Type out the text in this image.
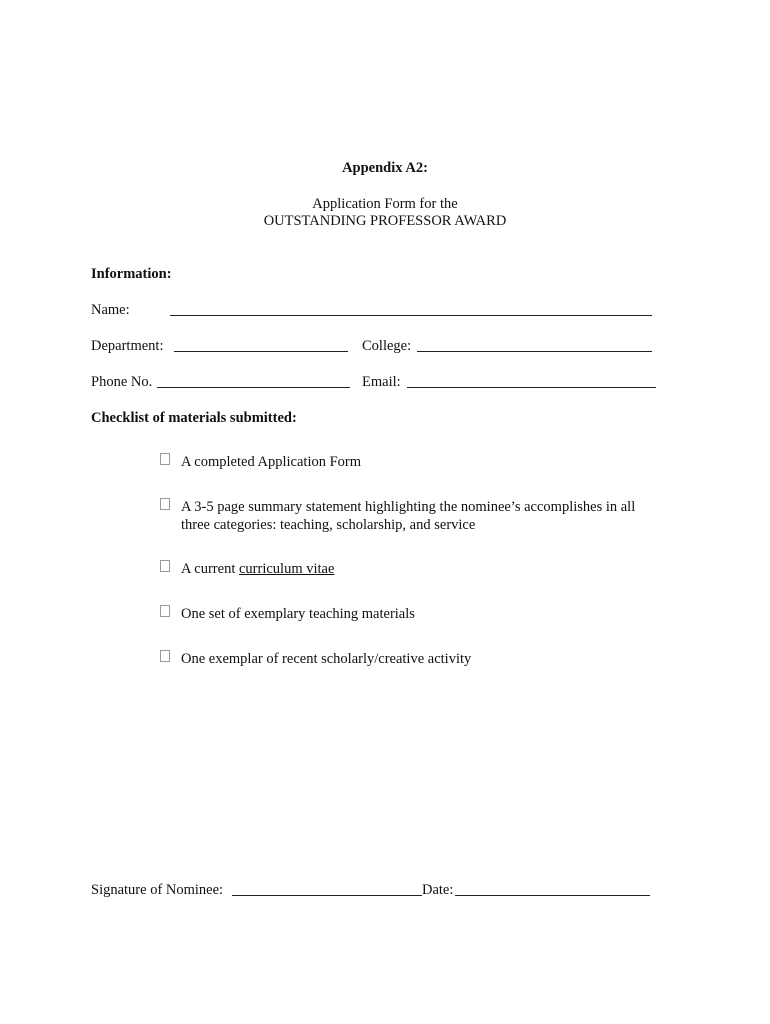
Appendix A2:
Application Form for the
OUTSTANDING PROFESSOR AWARD
Information:
Name:
Department:	College:
Phone No.	Email:
Checklist of materials submitted:
A completed Application Form
A 3-5 page summary statement highlighting the nominee’s accomplishes in all
three categories: teaching, scholarship, and service
A current curriculum vitae
One set of exemplary teaching materials
One exemplar of recent scholarly/creative activity
Signature of Nominee:	Date:
